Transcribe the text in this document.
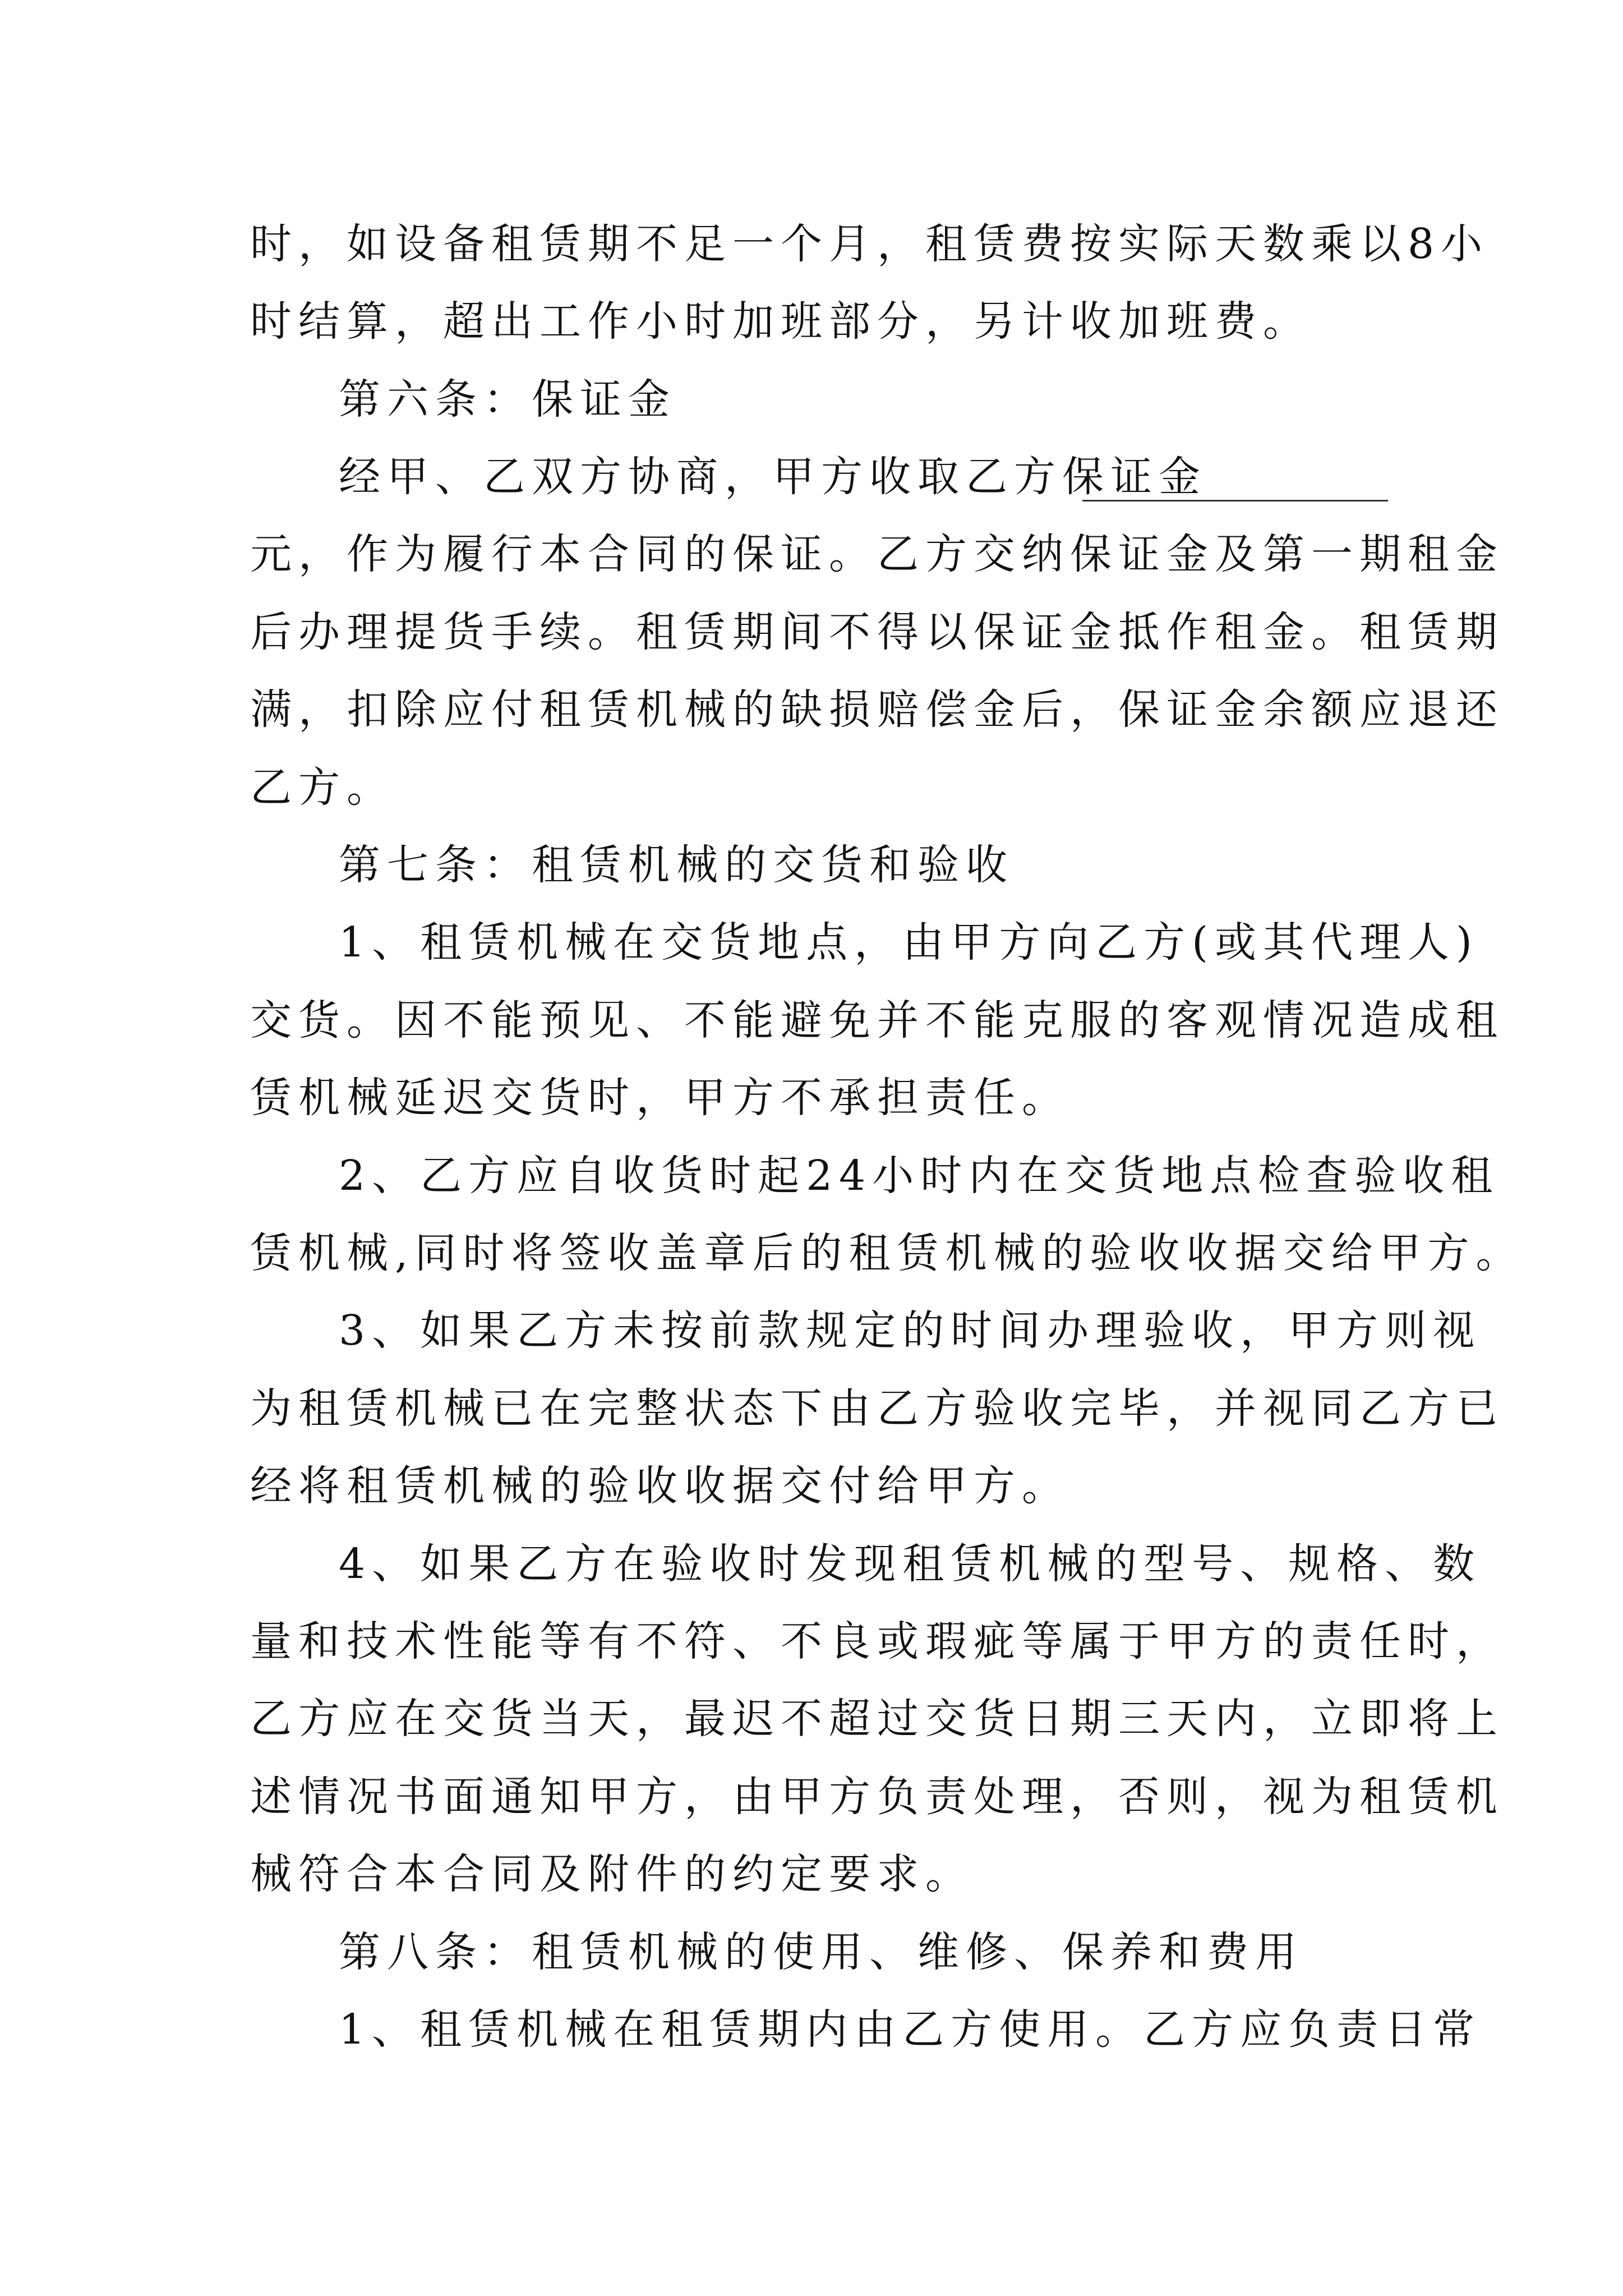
时，如设备租赁期不足一个月，租赁费按实际天数乘以8小
时结算，超出工作小时加班部分，另计收加班费。
第六条：保证金
经甲、乙双方协商，甲方收取乙方保证金
元，作为履行本合同的保证。乙方交纳保证金及第一期租金
后办理提货手续。租赁期间不得以保证金抵作租金。租赁期
满，扣除应付租赁机械的缺损赔偿金后，保证金余额应退还
乙方。
第七条：租赁机械的交货和验收
1、租赁机械在交货地点，由甲方向乙方(或其代理人)
交货。因不能预见、不能避免并不能克服的客观情况造成租
赁机械延迟交货时，甲方不承担责任。
2、乙方应自收货时起24小时内在交货地点检查验收租
赁机械,同时将签收盖章后的租赁机械的验收收据交给甲方。
3、如果乙方未按前款规定的时间办理验收，甲方则视
为租赁机械已在完整状态下由乙方验收完毕，并视同乙方已
经将租赁机械的验收收据交付给甲方。
4、如果乙方在验收时发现租赁机械的型号、规格、数
量和技术性能等有不符、不良或瑕疵等属于甲方的责任时，
乙方应在交货当天，最迟不超过交货日期三天内，立即将上
述情况书面通知甲方，由甲方负责处理，否则，视为租赁机
械符合本合同及附件的约定要求。
第八条：租赁机械的使用、维修、保养和费用
1、租赁机械在租赁期内由乙方使用。乙方应负责日常
